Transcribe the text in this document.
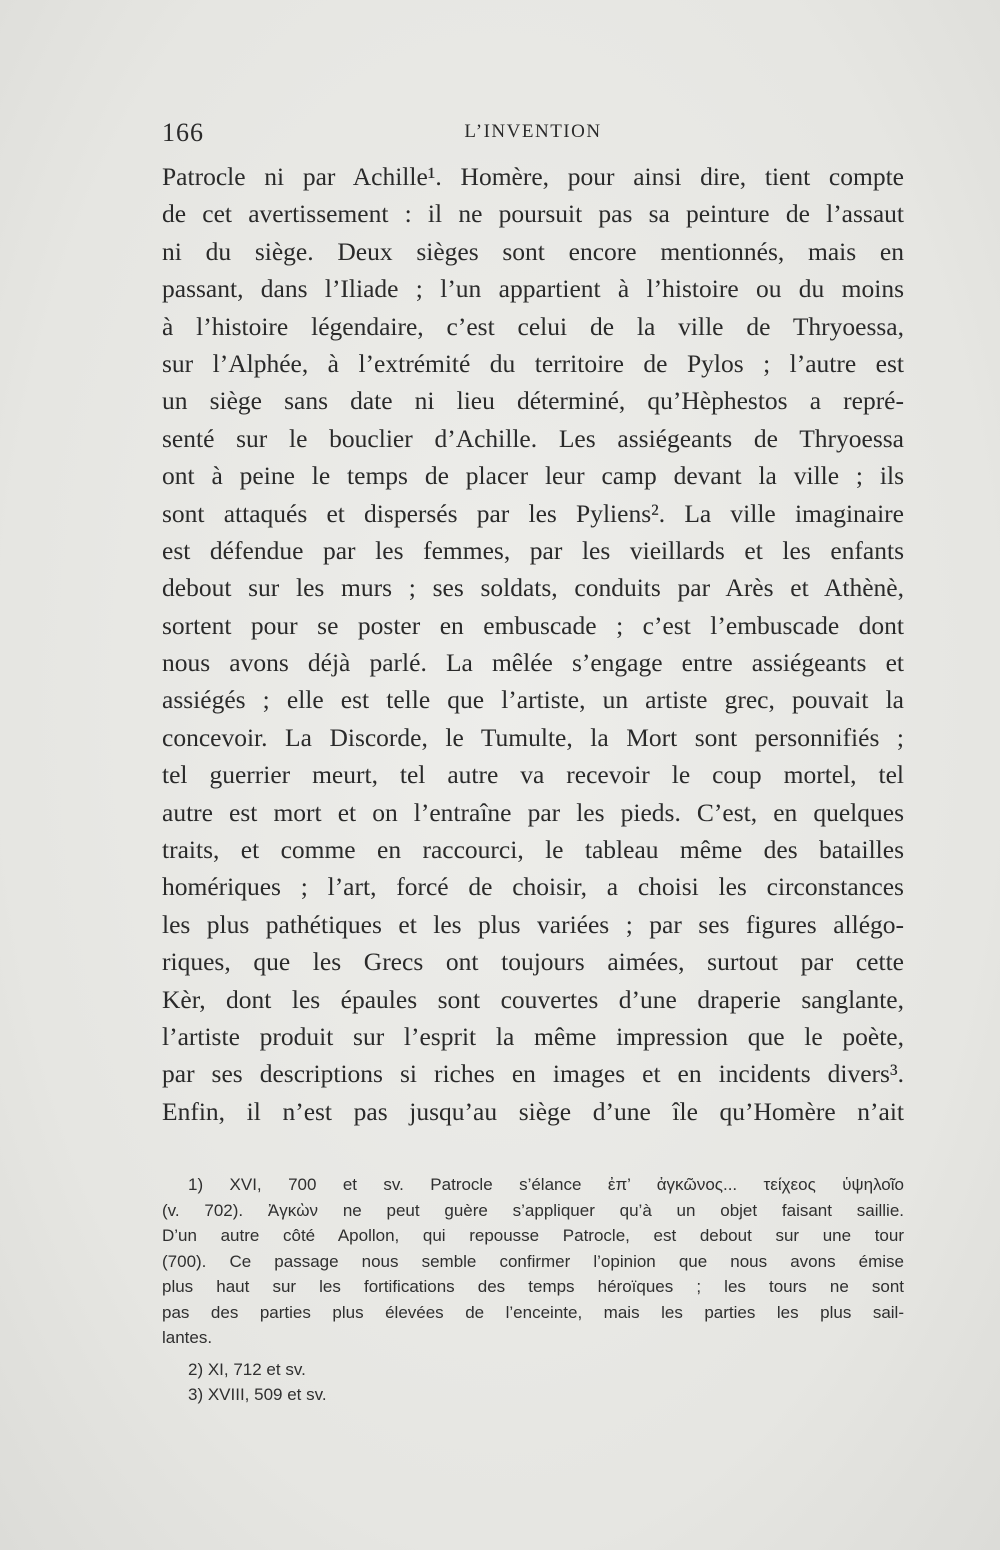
166	L’INVENTION
Patrocle ni par Achille¹. Homère, pour ainsi dire, tient compte
de cet avertissement : il ne poursuit pas sa peinture de l’assaut
ni du siège. Deux sièges sont encore mentionnés, mais en
passant, dans l’Iliade ; l’un appartient à l’histoire ou du moins
à l’histoire légendaire, c’est celui de la ville de Thryoessa,
sur l’Alphée, à l’extrémité du territoire de Pylos ; l’autre est
un siège sans date ni lieu déterminé, qu’Hèphestos a repré-
senté sur le bouclier d’Achille. Les assiégeants de Thryoessa
ont à peine le temps de placer leur camp devant la ville ; ils
sont attaqués et dispersés par les Pyliens². La ville imaginaire
est défendue par les femmes, par les vieillards et les enfants
debout sur les murs ; ses soldats, conduits par Arès et Athènè,
sortent pour se poster en embuscade ; c’est l’embuscade dont
nous avons déjà parlé. La mêlée s’engage entre assiégeants et
assiégés ; elle est telle que l’artiste, un artiste grec, pouvait la
concevoir. La Discorde, le Tumulte, la Mort sont personnifiés ;
tel guerrier meurt, tel autre va recevoir le coup mortel, tel
autre est mort et on l’entraîne par les pieds. C’est, en quelques
traits, et comme en raccourci, le tableau même des batailles
homériques ; l’art, forcé de choisir, a choisi les circonstances
les plus pathétiques et les plus variées ; par ses figures allégo-
riques, que les Grecs ont toujours aimées, surtout par cette
Kèr, dont les épaules sont couvertes d’une draperie sanglante,
l’artiste produit sur l’esprit la même impression que le poète,
par ses descriptions si riches en images et en incidents divers³.
Enfin, il n’est pas jusqu’au siège d’une île qu’Homère n’ait
1) XVI, 700 et sv. Patrocle s’élance ἐπ’ ἀγκῶνος... τείχεος ὑψηλοῖο
(v. 702). Ἀγκὼν ne peut guère s’appliquer qu’à un objet faisant saillie.
D’un autre côté Apollon, qui repousse Patrocle, est debout sur une tour
(700). Ce passage nous semble confirmer l’opinion que nous avons émise
plus haut sur les fortifications des temps héroïques ; les tours ne sont
pas des parties plus élevées de l’enceinte, mais les parties les plus sail-
lantes.
2) XI, 712 et sv.
3) XVIII, 509 et sv.
